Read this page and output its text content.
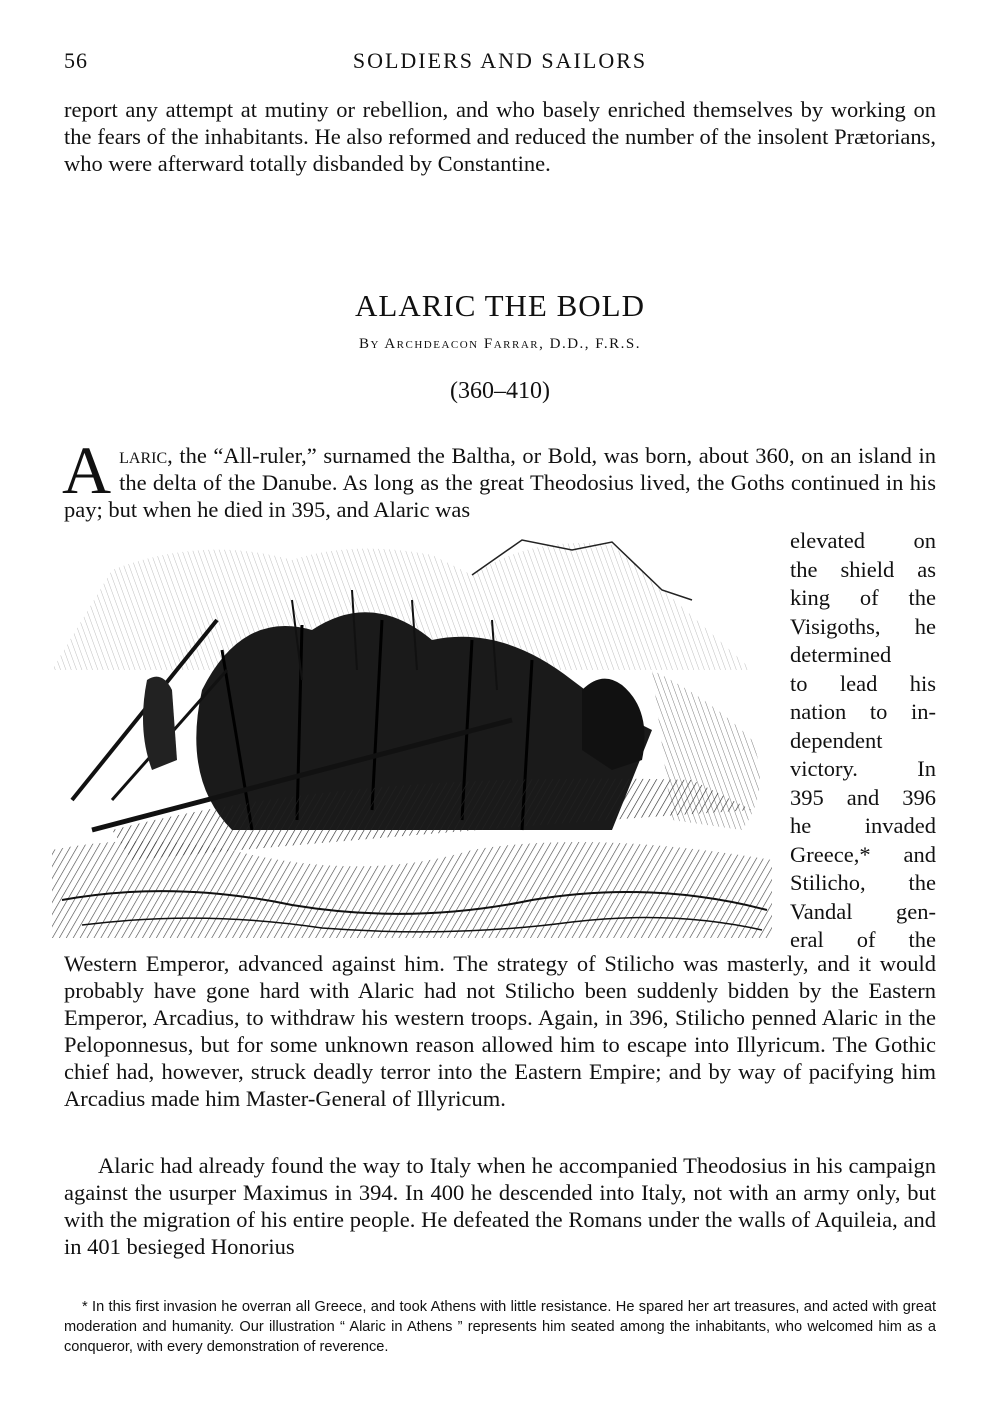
56	SOLDIERS AND SAILORS

report any attempt at mutiny or rebellion, and who basely enriched themselves by working on the fears of the inhabitants. He also reformed and reduced the number of the insolent Prætorians, who were afterward totally disbanded by Constantine.

ALARIC THE BOLD
By Archdeacon Farrar, D.D., F.R.S.
(360–410)

Alaric, the “All-ruler,” surnamed the Baltha, or Bold, was born, about 360, on an island in the delta of the Danube. As long as the great Theodosius lived, the Goths continued in his pay; but when he died in 395, and Alaric was

elevated on
the shield as
king of the
Visigoths, he
determined
to lead his
nation to in-
dependent
victory. In
395 and 396
he invaded
Greece,* and
Stilicho, the
Vandal gen-
eral of the

Western Emperor, advanced against him. The strategy of Stilicho was masterly, and it would probably have gone hard with Alaric had not Stilicho been suddenly bidden by the Eastern Emperor, Arcadius, to withdraw his western troops. Again, in 396, Stilicho penned Alaric in the Peloponnesus, but for some unknown reason allowed him to escape into Illyricum. The Gothic chief had, however, struck deadly terror into the Eastern Empire; and by way of pacifying him Arcadius made him Master-General of Illyricum.

Alaric had already found the way to Italy when he accompanied Theodosius in his campaign against the usurper Maximus in 394. In 400 he descended into Italy, not with an army only, but with the migration of his entire people. He defeated the Romans under the walls of Aquileia, and in 401 besieged Honorius

* In this first invasion he overran all Greece, and took Athens with little resistance. He spared her art treasures, and acted with great moderation and humanity. Our illustration “ Alaric in Athens ” represents him seated among the inhabitants, who welcomed him as a conqueror, with every demonstration of reverence.
